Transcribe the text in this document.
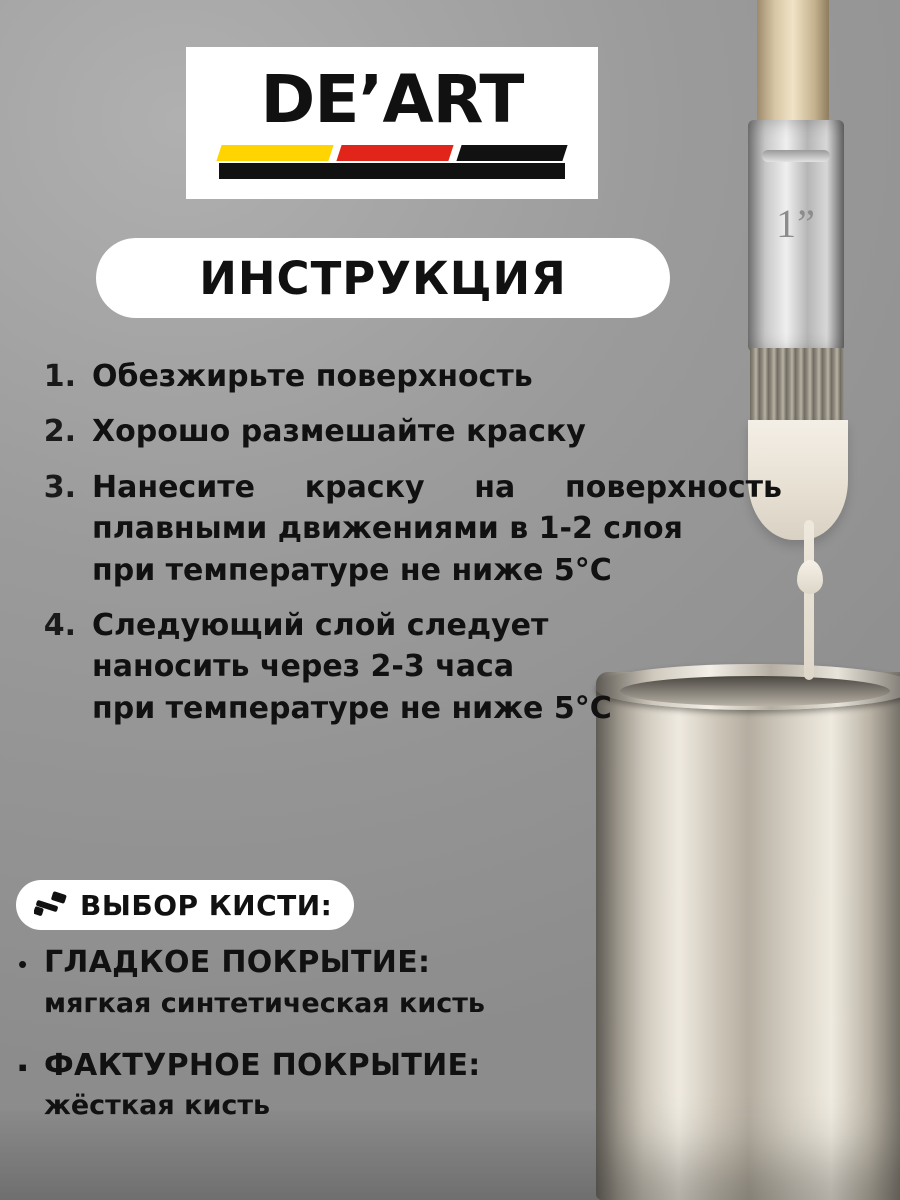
1”
DE’ART
ИНСТРУКЦИЯ
1. Обезжирьте поверхность
2. Хорошо размешайте краску
3. Нанесите краску на поверхность
плавными движениями в 1-2 слоя
при температуре не ниже 5°C
4. Следующий слой следует
наносить через 2-3 часа
при температуре не ниже 5°C
ВЫБОР КИСТИ:
• ГЛАДКОЕ ПОКРЫТИЕ:
мягкая синтетическая кисть
▪ ФАКТУРНОЕ ПОКРЫТИЕ:
жёсткая кисть
